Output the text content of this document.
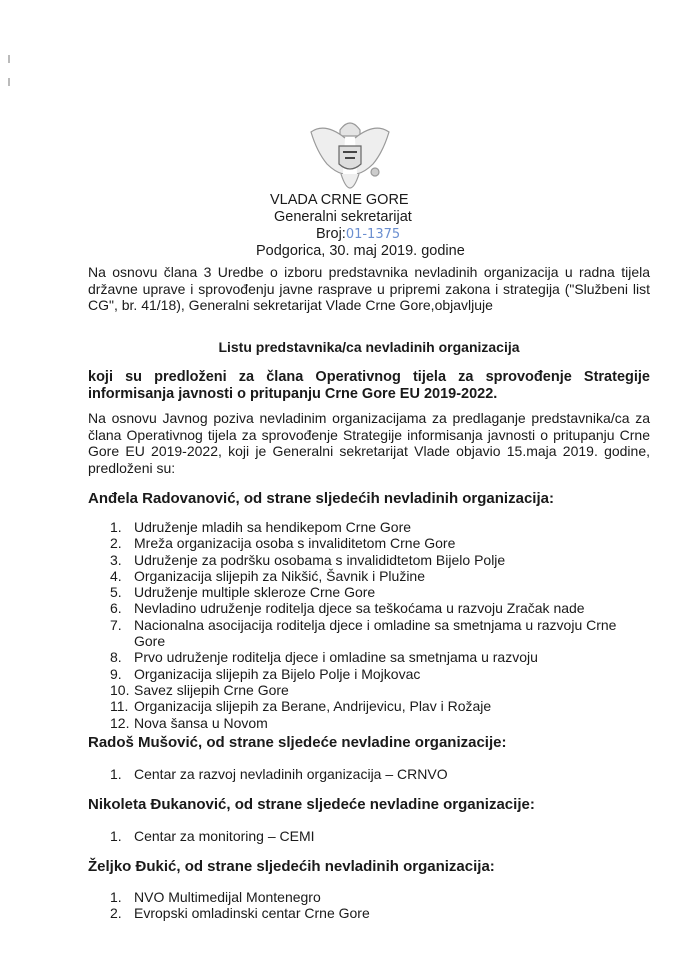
VLADA CRNE GORE
Generalni sekretarijat
Broj:01-1375
Podgorica, 30. maj 2019. godine
Na osnovu člana 3 Uredbe o izboru predstavnika nevladinih organizacija u radna tijela državne uprave i sprovođenju javne rasprave u pripremi zakona i strategija ("Službeni list CG", br. 41/18), Generalni sekretarijat Vlade Crne Gore,objavljuje
Listu predstavnika/ca nevladinih organizacija
koji su predloženi za člana Operativnog tijela za sprovođenje Strategije informisanja javnosti o pritupanju Crne Gore EU 2019-2022.
Na osnovu Javnog poziva nevladinim organizacijama za predlaganje predstavnika/ca za člana Operativnog tijela za sprovođenje Strategije informisanja javnosti o pritupanju Crne Gore EU 2019-2022, koji je Generalni sekretarijat Vlade objavio 15.maja 2019. godine, predloženi su:
Anđela Radovanović, od strane sljedećih nevladinih organizacija:
1. Udruženje mladih sa hendikepom Crne Gore
2. Mreža organizacija osoba s invaliditetom Crne Gore
3. Udruženje za podršku osobama s invalididtetom Bijelo Polje
4. Organizacija slijepih za Nikšić, Šavnik i Plužine
5. Udruženje multiple skleroze Crne Gore
6. Nevladino udruženje roditelja djece sa teškoćama u razvoju Zračak nade
7. Nacionalna asocijacija roditelja djece i omladine sa smetnjama u razvoju Crne Gore
8. Prvo udruženje roditelja djece i omladine sa smetnjama u razvoju
9. Organizacija slijepih za Bijelo Polje i Mojkovac
10. Savez slijepih Crne Gore
11. Organizacija slijepih za Berane, Andrijevicu, Plav i Rožaje
12. Nova šansa u Novom
Radoš Mušović, od strane sljedeće nevladine organizacije:
1. Centar za razvoj nevladinih organizacija – CRNVO
Nikoleta Đukanović, od strane sljedeće nevladine organizacije:
1. Centar za monitoring – CEMI
Željko Đukić, od strane sljedećih nevladinih organizacija:
1. NVO Multimedijal Montenegro
2. Evropski omladinski centar Crne Gore
